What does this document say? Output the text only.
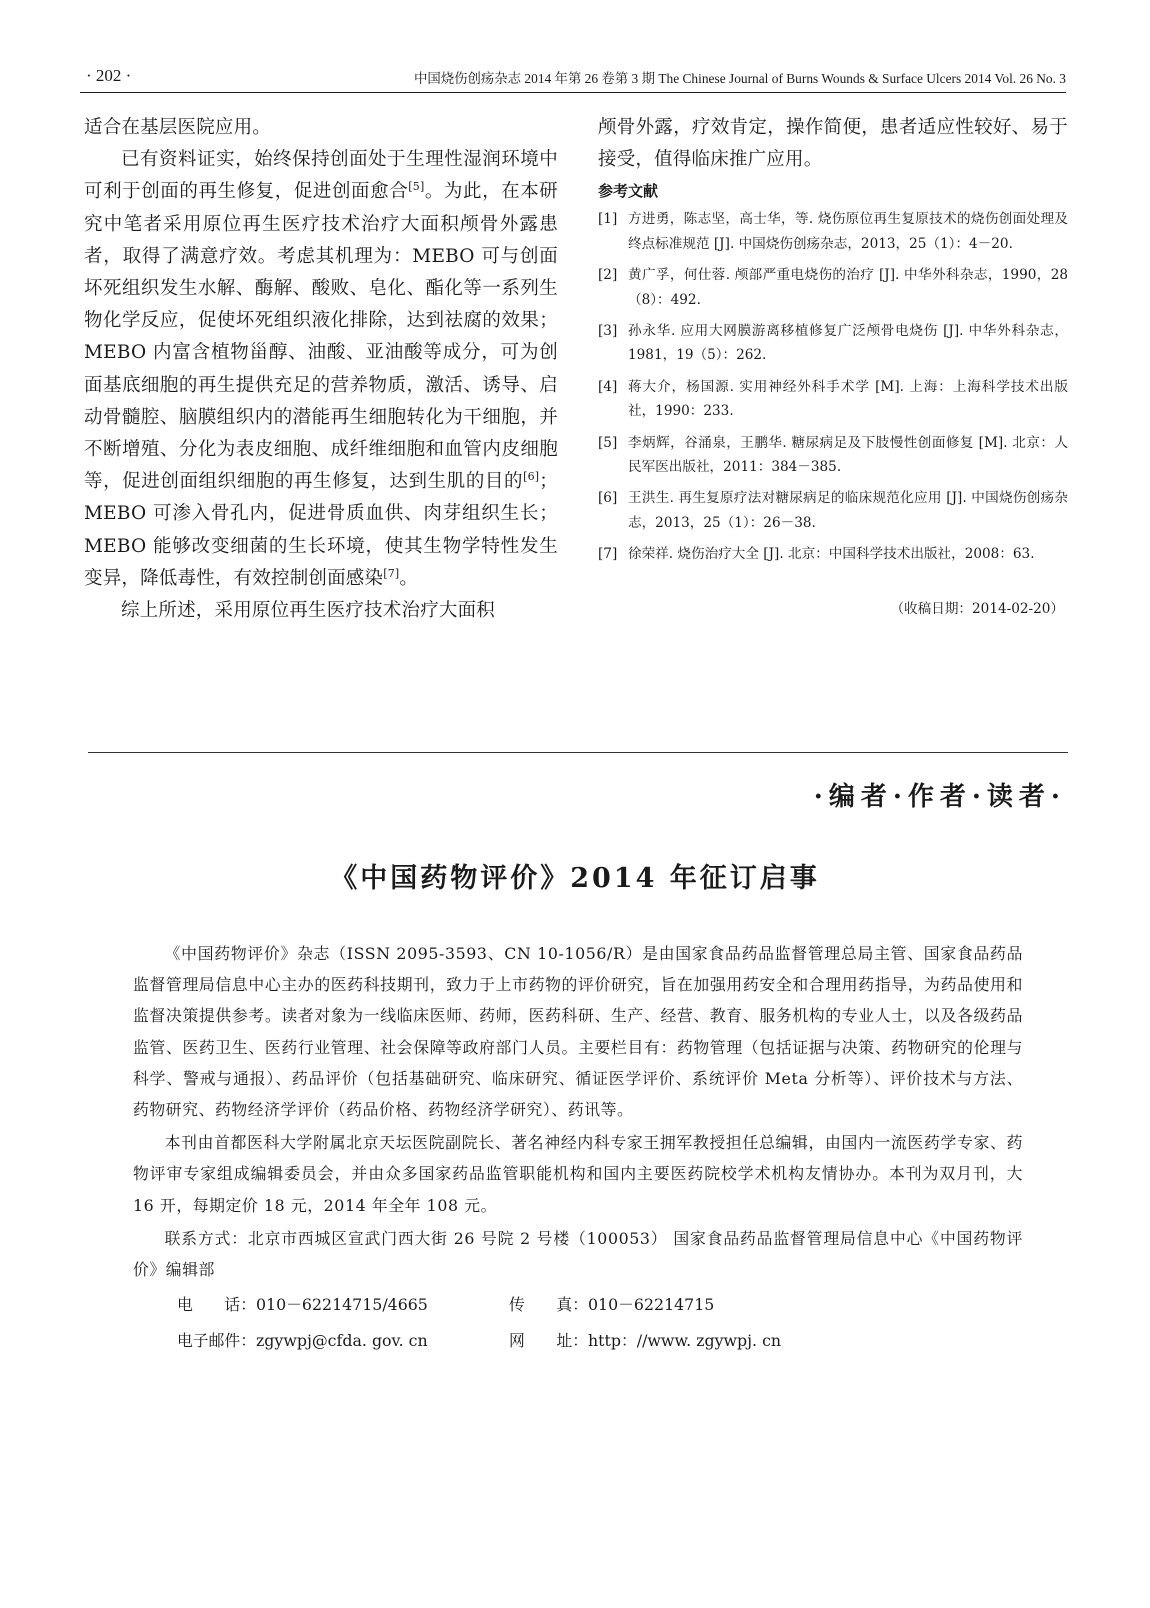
· 202 ·	中国烧伤创疡杂志 2014 年第 26 卷第 3 期 The Chinese Journal of Burns Wounds & Surface Ulcers 2014 Vol. 26 No. 3

适合在基层医院应用。

已有资料证实，始终保持创面处于生理性湿润环境中可利于创面的再生修复，促进创面愈合[5]。为此，在本研究中笔者采用原位再生医疗技术治疗大面积颅骨外露患者，取得了满意疗效。考虑其机理为：MEBO 可与创面坏死组织发生水解、酶解、酸败、皂化、酯化等一系列生物化学反应，促使坏死组织液化排除，达到祛腐的效果；MEBO 内富含植物甾醇、油酸、亚油酸等成分，可为创面基底细胞的再生提供充足的营养物质，激活、诱导、启动骨髓腔、脑膜组织内的潜能再生细胞转化为干细胞，并不断增殖、分化为表皮细胞、成纤维细胞和血管内皮细胞等，促进创面组织细胞的再生修复，达到生肌的目的[6]；MEBO 可渗入骨孔内，促进骨质血供、肉芽组织生长；MEBO 能够改变细菌的生长环境，使其生物学特性发生变异，降低毒性，有效控制创面感染[7]。

综上所述，采用原位再生医疗技术治疗大面积

颅骨外露，疗效肯定，操作简便，患者适应性较好、易于接受，值得临床推广应用。

参考文献
[1] 方进勇，陈志坚，高士华，等. 烧伤原位再生复原技术的烧伤创面处理及终点标准规范 [J]. 中国烧伤创疡杂志，2013，25（1）：4－20.
[2] 黄广孚，何仕蓉. 颅部严重电烧伤的治疗 [J]. 中华外科杂志，1990，28（8）：492.
[3] 孙永华. 应用大网膜游离移植修复广泛颅骨电烧伤 [J]. 中华外科杂志，1981，19（5）：262.
[4] 蒋大介，杨国源. 实用神经外科手术学 [M]. 上海：上海科学技术出版社，1990：233.
[5] 李炳辉，谷涌泉，王鹏华. 糖尿病足及下肢慢性创面修复 [M]. 北京：人民军医出版社，2011：384－385.
[6] 王洪生. 再生复原疗法对糖尿病足的临床规范化应用 [J]. 中国烧伤创疡杂志，2013，25（1）：26－38.
[7] 徐荣祥. 烧伤治疗大全 [J]. 北京：中国科学技术出版社，2008：63.
（收稿日期：2014-02-20）
·编者·作者·读者·
《中国药物评价》2014 年征订启事

《中国药物评价》杂志（ISSN 2095-3593、CN 10-1056/R）是由国家食品药品监督管理总局主管、国家食品药品监督管理局信息中心主办的医药科技期刊，致力于上市药物的评价研究，旨在加强用药安全和合理用药指导，为药品使用和监督决策提供参考。读者对象为一线临床医师、药师，医药科研、生产、经营、教育、服务机构的专业人士，以及各级药品监管、医药卫生、医药行业管理、社会保障等政府部门人员。主要栏目有：药物管理（包括证据与决策、药物研究的伦理与科学、警戒与通报）、药品评价（包括基础研究、临床研究、循证医学评价、系统评价 Meta 分析等）、评价技术与方法、药物研究、药物经济学评价（药品价格、药物经济学研究）、药讯等。

本刊由首都医科大学附属北京天坛医院副院长、著名神经内科专家王拥军教授担任总编辑，由国内一流医药学专家、药物评审专家组成编辑委员会，并由众多国家药品监管职能机构和国内主要医药院校学术机构友情协办。本刊为双月刊，大 16 开，每期定价 18 元，2014 年全年 108 元。

联系方式：北京市西城区宣武门西大街 26 号院 2 号楼（100053） 国家食品药品监督管理局信息中心《中国药物评价》编辑部

电　　话：010－62214715/4665	传　　真：010－62214715
电子邮件：zgywpj@cfda. gov. cn	网　　址：http：//www. zgywpj. cn
